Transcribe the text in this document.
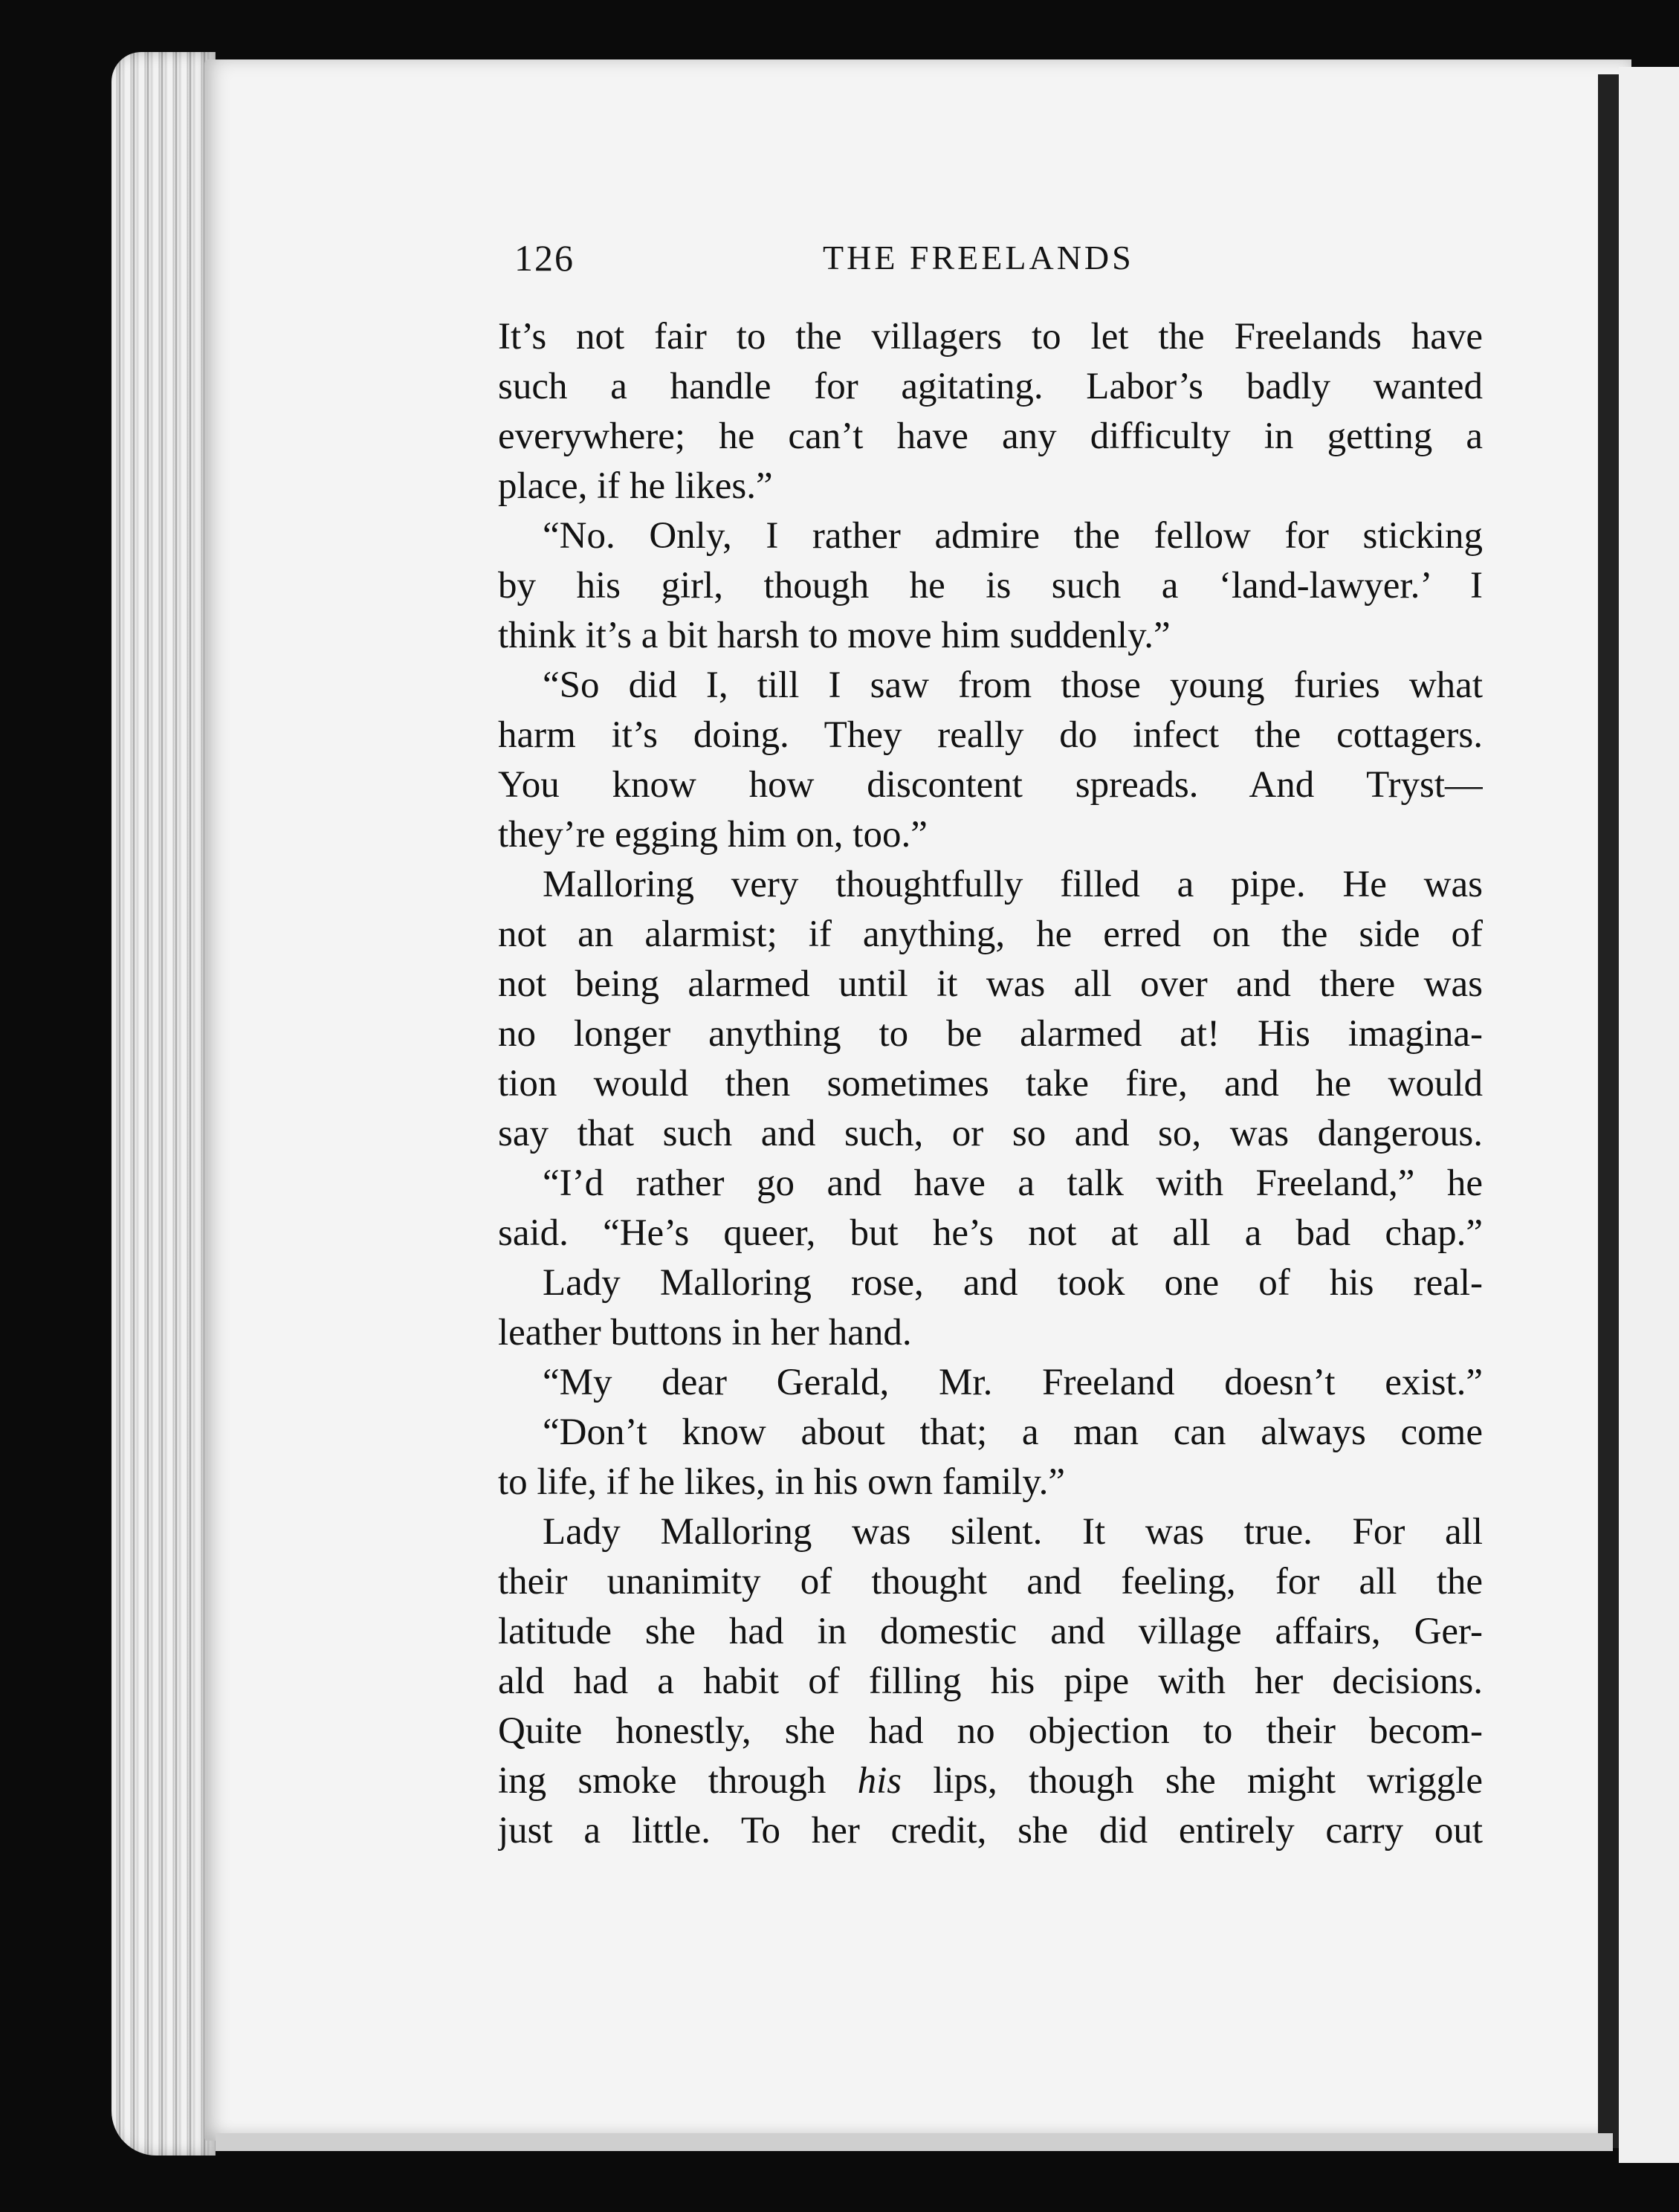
126	THE FREELANDS
It’s not fair to the villagers to let the Freelands have
such a handle for agitating. Labor’s badly wanted
everywhere; he can’t have any difficulty in getting a
place, if he likes.”
“No. Only, I rather admire the fellow for sticking
by his girl, though he is such a ‘land-lawyer.’ I
think it’s a bit harsh to move him suddenly.”
“So did I, till I saw from those young furies what
harm it’s doing. They really do infect the cottagers.
You know how discontent spreads. And Tryst—
they’re egging him on, too.”
Malloring very thoughtfully filled a pipe. He was
not an alarmist; if anything, he erred on the side of
not being alarmed until it was all over and there was
no longer anything to be alarmed at! His imagina-
tion would then sometimes take fire, and he would
say that such and such, or so and so, was dangerous.
“I’d rather go and have a talk with Freeland,” he
said. “He’s queer, but he’s not at all a bad chap.”
Lady Malloring rose, and took one of his real-
leather buttons in her hand.
“My dear Gerald, Mr. Freeland doesn’t exist.”
“Don’t know about that; a man can always come
to life, if he likes, in his own family.”
Lady Malloring was silent. It was true. For all
their unanimity of thought and feeling, for all the
latitude she had in domestic and village affairs, Ger-
ald had a habit of filling his pipe with her decisions.
Quite honestly, she had no objection to their becom-
ing smoke through his lips, though she might wriggle
just a little. To her credit, she did entirely carry out
